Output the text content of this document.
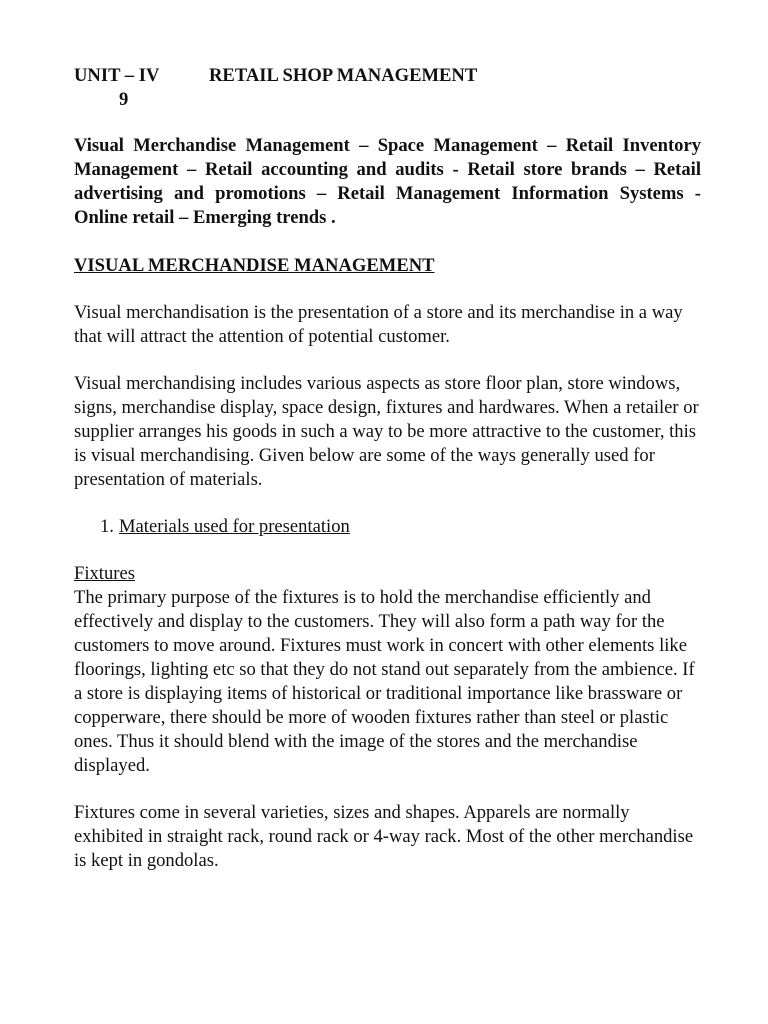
UNIT – IV	RETAIL SHOP MANAGEMENT
9

Visual Merchandise Management – Space Management – Retail Inventory Management – Retail accounting and audits - Retail store brands – Retail advertising and promotions – Retail Management Information Systems - Online retail – Emerging trends .

VISUAL MERCHANDISE MANAGEMENT

Visual merchandisation is the presentation of a store and its merchandise in a way that will attract the attention of potential customer.

Visual merchandising includes various aspects as store floor plan, store windows, signs, merchandise display, space design, fixtures and hardwares. When a retailer or supplier arranges his goods in such a way to be more attractive to the customer, this is visual merchandising. Given below are some of the ways generally used for presentation of materials.

1. Materials used for presentation
Fixtures

The primary purpose of the fixtures is to hold the merchandise efficiently and effectively and display to the customers. They will also form a path way for the customers to move around. Fixtures must work in concert with other elements like floorings, lighting etc so that they do not stand out separately from the ambience. If a store is displaying items of historical or traditional importance like brassware or copperware, there should be more of wooden fixtures rather than steel or plastic ones. Thus it should blend with the image of the stores and the merchandise displayed.

Fixtures come in several varieties, sizes and shapes. Apparels are normally exhibited in straight rack, round rack or 4-way rack. Most of the other merchandise is kept in gondolas.
